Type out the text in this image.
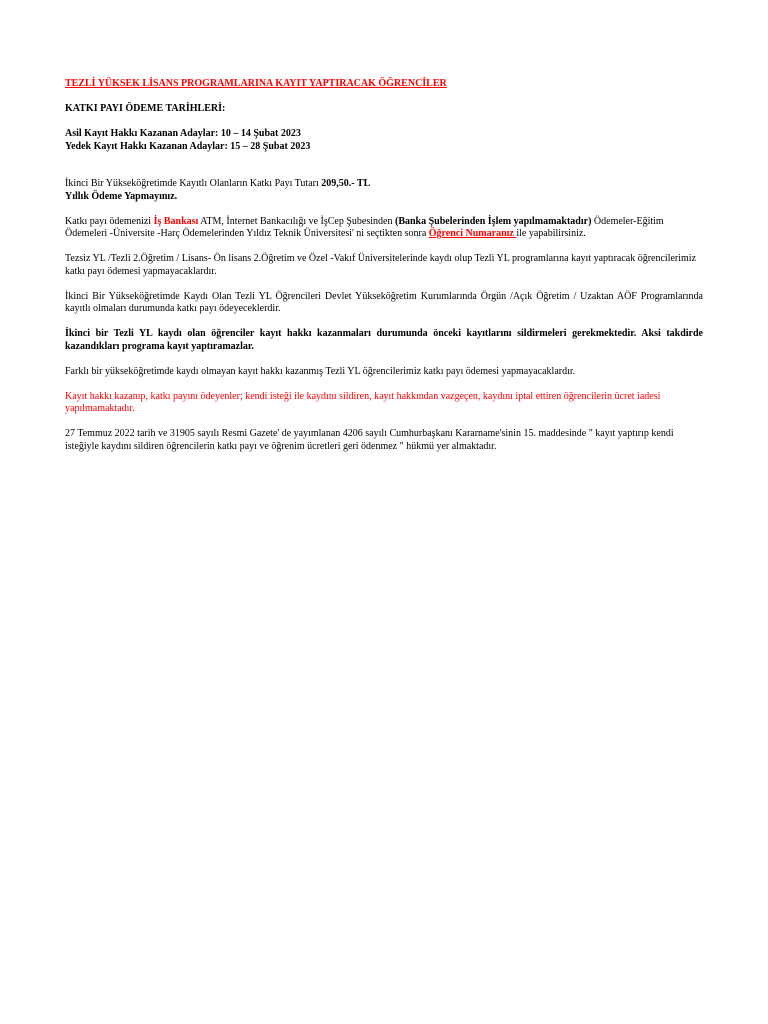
TEZLİ YÜKSEK LİSANS PROGRAMLARINA KAYIT YAPTIRACAK ÖĞRENCİLER

KATKI PAYI ÖDEME TARİHLERİ:

Asil Kayıt Hakkı Kazanan Adaylar: 10 – 14 Şubat 2023

Yedek Kayıt Hakkı Kazanan Adaylar: 15 – 28 Şubat 2023

İkinci Bir Yükseköğretimde Kayıtlı Olanların Katkı Payı Tutarı 209,50.- TL

Yıllık Ödeme Yapmayınız.

Katkı payı ödemenizi İş Bankası ATM, İnternet Bankacılığı ve İşCep Şubesinden (Banka Şubelerinden İşlem yapılmamaktadır) Ödemeler-Eğitim Ödemeleri -Üniversite -Harç Ödemelerinden Yıldız Teknik Üniversitesi' ni seçtikten sonra Öğrenci Numaranız ile yapabilirsiniz.

Tezsiz YL /Tezli 2.Öğretim / Lisans- Ön lisans 2.Öğretim ve Özel -Vakıf Üniversitelerinde kaydı olup Tezli YL programlarına kayıt yaptıracak öğrencilerimiz katkı payı ödemesi yapmayacaklardır.

İkinci Bir Yükseköğretimde Kaydı Olan Tezli YL Öğrencileri Devlet Yükseköğretim Kurumlarında Örgün /Açık Öğretim / Uzaktan AÖF Programlarında kayıtlı olmaları durumunda katkı payı ödeyeceklerdir.

İkinci bir Tezli YL kaydı olan öğrenciler kayıt hakkı kazanmaları durumunda önceki kayıtlarını sildirmeleri gerekmektedir. Aksi takdirde kazandıkları programa kayıt yaptıramazlar.

Farklı bir yükseköğretimde kaydı olmayan kayıt hakkı kazanmış Tezli YL öğrencilerimiz katkı payı ödemesi yapmayacaklardır.

Kayıt hakkı kazanıp, katkı payını ödeyenler; kendi isteği ile kaydını sildiren, kayıt hakkından vazgeçen, kaydını iptal ettiren öğrencilerin ücret iadesi yapılmamaktadır.

27 Temmuz 2022 tarih ve 31905 sayılı Resmi Gazete' de yayımlanan 4206 sayılı Cumhurbaşkanı Kararname'sinin 15. maddesinde " kayıt yaptırıp kendi isteğiyle kaydını sildiren öğrencilerin katkı payı ve öğrenim ücretleri geri ödenmez " hükmü yer almaktadır.
